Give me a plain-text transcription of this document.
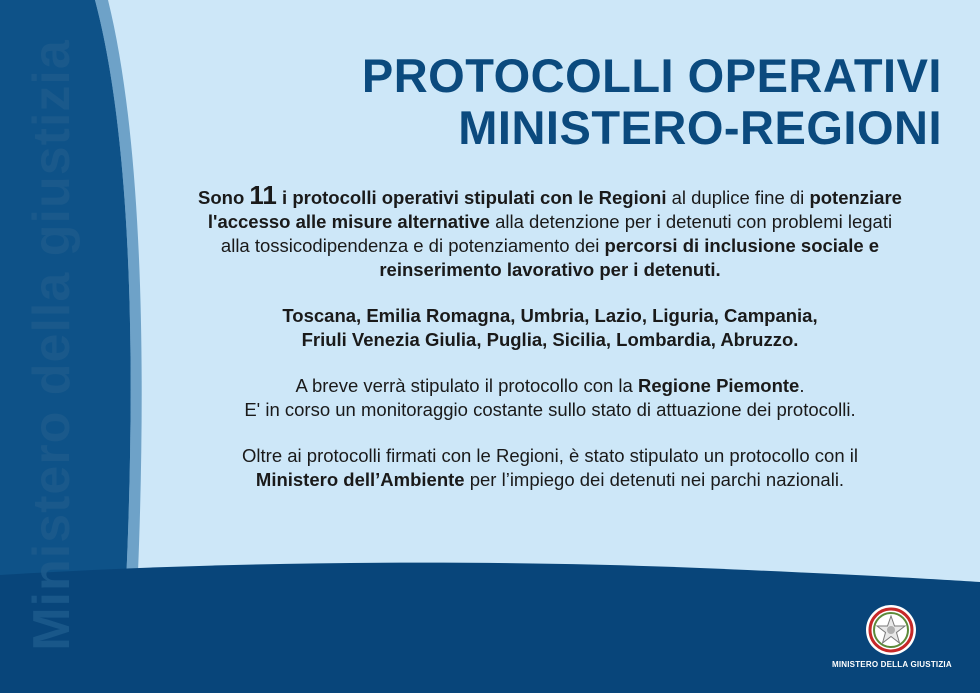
Ministero della giustizia	PROTOCOLLI OPERATIVI
MINISTERO-REGIONI

Sono 11 i protocolli operativi stipulati con le Regioni al duplice fine di potenziare
l'accesso alle misure alternative alla detenzione per i detenuti con problemi legati
alla tossicodipendenza e di potenziamento dei percorsi di inclusione sociale e
reinserimento lavorativo per i detenuti.

Toscana, Emilia Romagna, Umbria, Lazio, Liguria, Campania,
Friuli Venezia Giulia, Puglia, Sicilia, Lombardia, Abruzzo.

A breve verrà stipulato il protocollo con la Regione Piemonte.
E' in corso un monitoraggio costante sullo stato di attuazione dei protocolli.

Oltre ai protocolli firmati con le Regioni, è stato stipulato un protocollo con il
Ministero dell’Ambiente per l’impiego dei detenuti nei parchi nazionali.

MINISTERO DELLA GIUSTIZIA
